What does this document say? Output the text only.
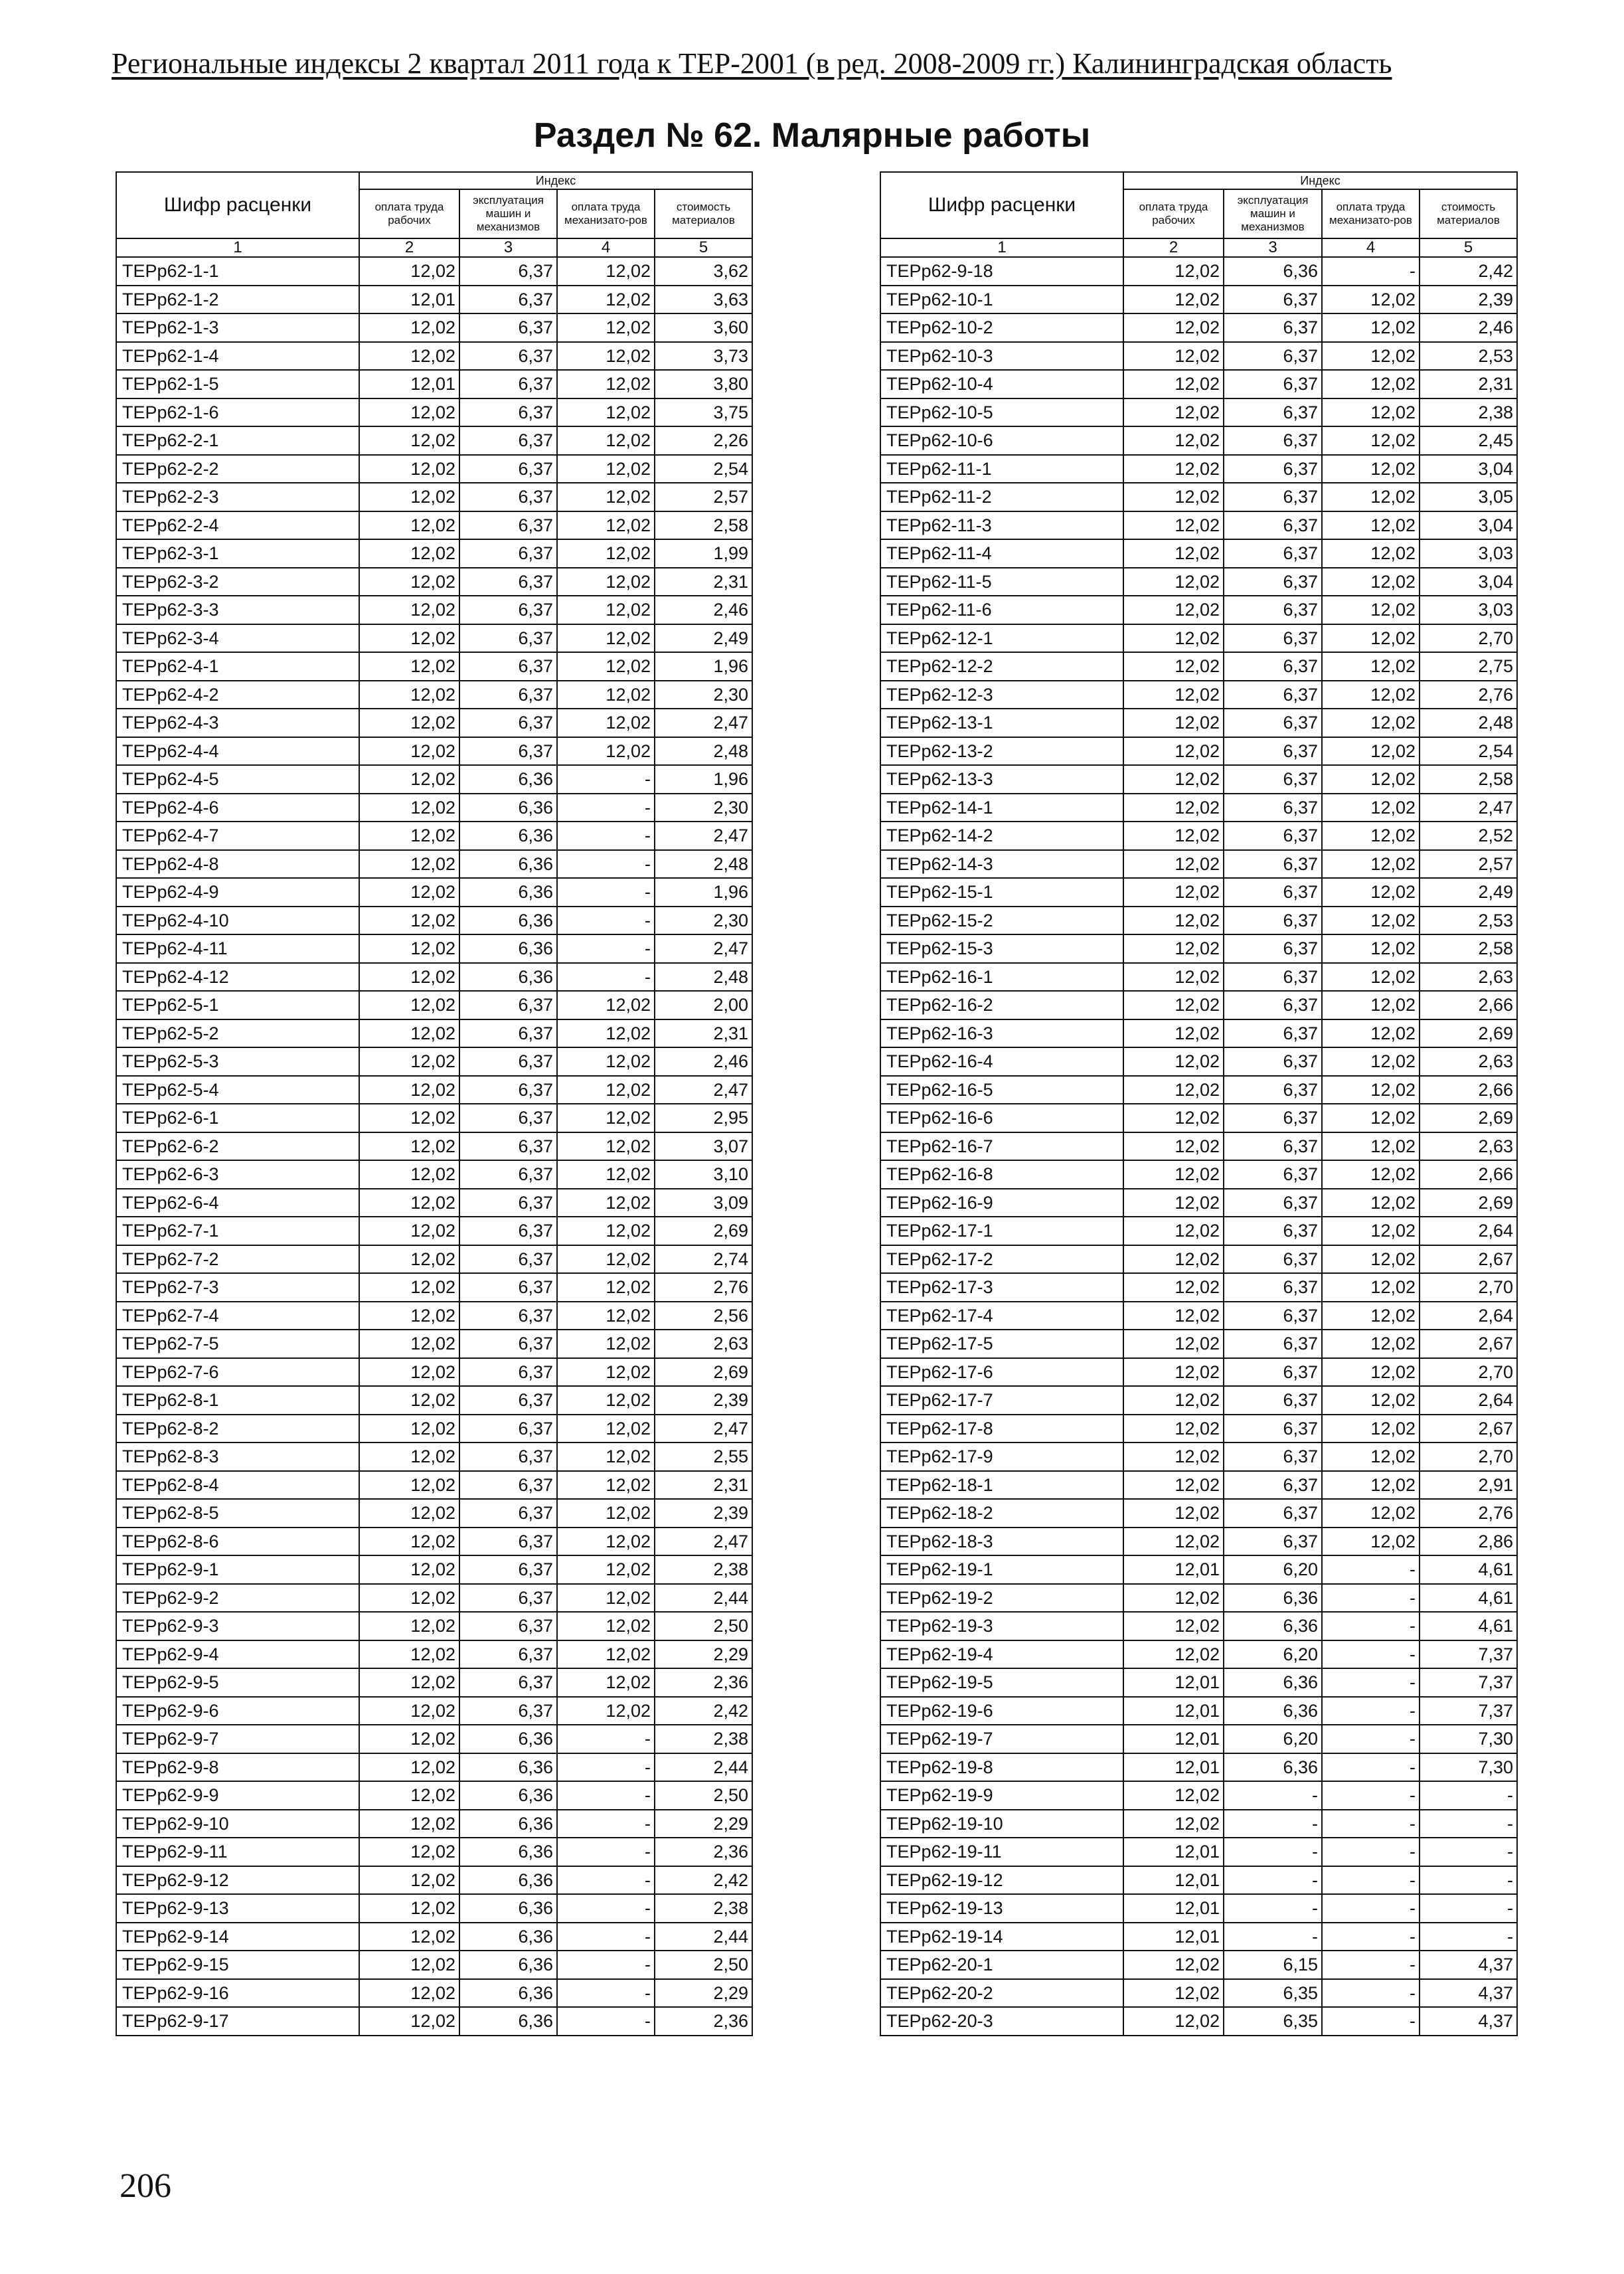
Региональные индексы 2 квартал 2011 года к ТЕР-2001 (в ред. 2008-2009 гг.) Калининградская область
Раздел № 62. Малярные работы
Шифр расценки	Индекс			
	оплата труда рабочих	эксплуатация машин и механизмов	оплата труда механизато-ров	стоимость материалов
1	2	3	4	5
ТЕРр62-1-1	12,02	6,37	12,02	3,62
ТЕРр62-1-2	12,01	6,37	12,02	3,63
ТЕРр62-1-3	12,02	6,37	12,02	3,60
ТЕРр62-1-4	12,02	6,37	12,02	3,73
ТЕРр62-1-5	12,01	6,37	12,02	3,80
ТЕРр62-1-6	12,02	6,37	12,02	3,75
ТЕРр62-2-1	12,02	6,37	12,02	2,26
ТЕРр62-2-2	12,02	6,37	12,02	2,54
ТЕРр62-2-3	12,02	6,37	12,02	2,57
ТЕРр62-2-4	12,02	6,37	12,02	2,58
ТЕРр62-3-1	12,02	6,37	12,02	1,99
ТЕРр62-3-2	12,02	6,37	12,02	2,31
ТЕРр62-3-3	12,02	6,37	12,02	2,46
ТЕРр62-3-4	12,02	6,37	12,02	2,49
ТЕРр62-4-1	12,02	6,37	12,02	1,96
ТЕРр62-4-2	12,02	6,37	12,02	2,30
ТЕРр62-4-3	12,02	6,37	12,02	2,47
ТЕРр62-4-4	12,02	6,37	12,02	2,48
ТЕРр62-4-5	12,02	6,36	-	1,96
ТЕРр62-4-6	12,02	6,36	-	2,30
ТЕРр62-4-7	12,02	6,36	-	2,47
ТЕРр62-4-8	12,02	6,36	-	2,48
ТЕРр62-4-9	12,02	6,36	-	1,96
ТЕРр62-4-10	12,02	6,36	-	2,30
ТЕРр62-4-11	12,02	6,36	-	2,47
ТЕРр62-4-12	12,02	6,36	-	2,48
ТЕРр62-5-1	12,02	6,37	12,02	2,00
ТЕРр62-5-2	12,02	6,37	12,02	2,31
ТЕРр62-5-3	12,02	6,37	12,02	2,46
ТЕРр62-5-4	12,02	6,37	12,02	2,47
ТЕРр62-6-1	12,02	6,37	12,02	2,95
ТЕРр62-6-2	12,02	6,37	12,02	3,07
ТЕРр62-6-3	12,02	6,37	12,02	3,10
ТЕРр62-6-4	12,02	6,37	12,02	3,09
ТЕРр62-7-1	12,02	6,37	12,02	2,69
ТЕРр62-7-2	12,02	6,37	12,02	2,74
ТЕРр62-7-3	12,02	6,37	12,02	2,76
ТЕРр62-7-4	12,02	6,37	12,02	2,56
ТЕРр62-7-5	12,02	6,37	12,02	2,63
ТЕРр62-7-6	12,02	6,37	12,02	2,69
ТЕРр62-8-1	12,02	6,37	12,02	2,39
ТЕРр62-8-2	12,02	6,37	12,02	2,47
ТЕРр62-8-3	12,02	6,37	12,02	2,55
ТЕРр62-8-4	12,02	6,37	12,02	2,31
ТЕРр62-8-5	12,02	6,37	12,02	2,39
ТЕРр62-8-6	12,02	6,37	12,02	2,47
ТЕРр62-9-1	12,02	6,37	12,02	2,38
ТЕРр62-9-2	12,02	6,37	12,02	2,44
ТЕРр62-9-3	12,02	6,37	12,02	2,50
ТЕРр62-9-4	12,02	6,37	12,02	2,29
ТЕРр62-9-5	12,02	6,37	12,02	2,36
ТЕРр62-9-6	12,02	6,37	12,02	2,42
ТЕРр62-9-7	12,02	6,36	-	2,38
ТЕРр62-9-8	12,02	6,36	-	2,44
ТЕРр62-9-9	12,02	6,36	-	2,50
ТЕРр62-9-10	12,02	6,36	-	2,29
ТЕРр62-9-11	12,02	6,36	-	2,36
ТЕРр62-9-12	12,02	6,36	-	2,42
ТЕРр62-9-13	12,02	6,36	-	2,38
ТЕРр62-9-14	12,02	6,36	-	2,44
ТЕРр62-9-15	12,02	6,36	-	2,50
ТЕРр62-9-16	12,02	6,36	-	2,29
ТЕРр62-9-17	12,02	6,36	-	2,36
Шифр расценки	Индекс			
	оплата труда рабочих	эксплуатация машин и механизмов	оплата труда механизато-ров	стоимость материалов
1	2	3	4	5
ТЕРр62-9-18	12,02	6,36	-	2,42
ТЕРр62-10-1	12,02	6,37	12,02	2,39
ТЕРр62-10-2	12,02	6,37	12,02	2,46
ТЕРр62-10-3	12,02	6,37	12,02	2,53
ТЕРр62-10-4	12,02	6,37	12,02	2,31
ТЕРр62-10-5	12,02	6,37	12,02	2,38
ТЕРр62-10-6	12,02	6,37	12,02	2,45
ТЕРр62-11-1	12,02	6,37	12,02	3,04
ТЕРр62-11-2	12,02	6,37	12,02	3,05
ТЕРр62-11-3	12,02	6,37	12,02	3,04
ТЕРр62-11-4	12,02	6,37	12,02	3,03
ТЕРр62-11-5	12,02	6,37	12,02	3,04
ТЕРр62-11-6	12,02	6,37	12,02	3,03
ТЕРр62-12-1	12,02	6,37	12,02	2,70
ТЕРр62-12-2	12,02	6,37	12,02	2,75
ТЕРр62-12-3	12,02	6,37	12,02	2,76
ТЕРр62-13-1	12,02	6,37	12,02	2,48
ТЕРр62-13-2	12,02	6,37	12,02	2,54
ТЕРр62-13-3	12,02	6,37	12,02	2,58
ТЕРр62-14-1	12,02	6,37	12,02	2,47
ТЕРр62-14-2	12,02	6,37	12,02	2,52
ТЕРр62-14-3	12,02	6,37	12,02	2,57
ТЕРр62-15-1	12,02	6,37	12,02	2,49
ТЕРр62-15-2	12,02	6,37	12,02	2,53
ТЕРр62-15-3	12,02	6,37	12,02	2,58
ТЕРр62-16-1	12,02	6,37	12,02	2,63
ТЕРр62-16-2	12,02	6,37	12,02	2,66
ТЕРр62-16-3	12,02	6,37	12,02	2,69
ТЕРр62-16-4	12,02	6,37	12,02	2,63
ТЕРр62-16-5	12,02	6,37	12,02	2,66
ТЕРр62-16-6	12,02	6,37	12,02	2,69
ТЕРр62-16-7	12,02	6,37	12,02	2,63
ТЕРр62-16-8	12,02	6,37	12,02	2,66
ТЕРр62-16-9	12,02	6,37	12,02	2,69
ТЕРр62-17-1	12,02	6,37	12,02	2,64
ТЕРр62-17-2	12,02	6,37	12,02	2,67
ТЕРр62-17-3	12,02	6,37	12,02	2,70
ТЕРр62-17-4	12,02	6,37	12,02	2,64
ТЕРр62-17-5	12,02	6,37	12,02	2,67
ТЕРр62-17-6	12,02	6,37	12,02	2,70
ТЕРр62-17-7	12,02	6,37	12,02	2,64
ТЕРр62-17-8	12,02	6,37	12,02	2,67
ТЕРр62-17-9	12,02	6,37	12,02	2,70
ТЕРр62-18-1	12,02	6,37	12,02	2,91
ТЕРр62-18-2	12,02	6,37	12,02	2,76
ТЕРр62-18-3	12,02	6,37	12,02	2,86
ТЕРр62-19-1	12,01	6,20	-	4,61
ТЕРр62-19-2	12,02	6,36	-	4,61
ТЕРр62-19-3	12,02	6,36	-	4,61
ТЕРр62-19-4	12,02	6,20	-	7,37
ТЕРр62-19-5	12,01	6,36	-	7,37
ТЕРр62-19-6	12,01	6,36	-	7,37
ТЕРр62-19-7	12,01	6,20	-	7,30
ТЕРр62-19-8	12,01	6,36	-	7,30
ТЕРр62-19-9	12,02	-	-	-
ТЕРр62-19-10	12,02	-	-	-
ТЕРр62-19-11	12,01	-	-	-
ТЕРр62-19-12	12,01	-	-	-
ТЕРр62-19-13	12,01	-	-	-
ТЕРр62-19-14	12,01	-	-	-
ТЕРр62-20-1	12,02	6,15	-	4,37
ТЕРр62-20-2	12,02	6,35	-	4,37
ТЕРр62-20-3	12,02	6,35	-	4,37
206
